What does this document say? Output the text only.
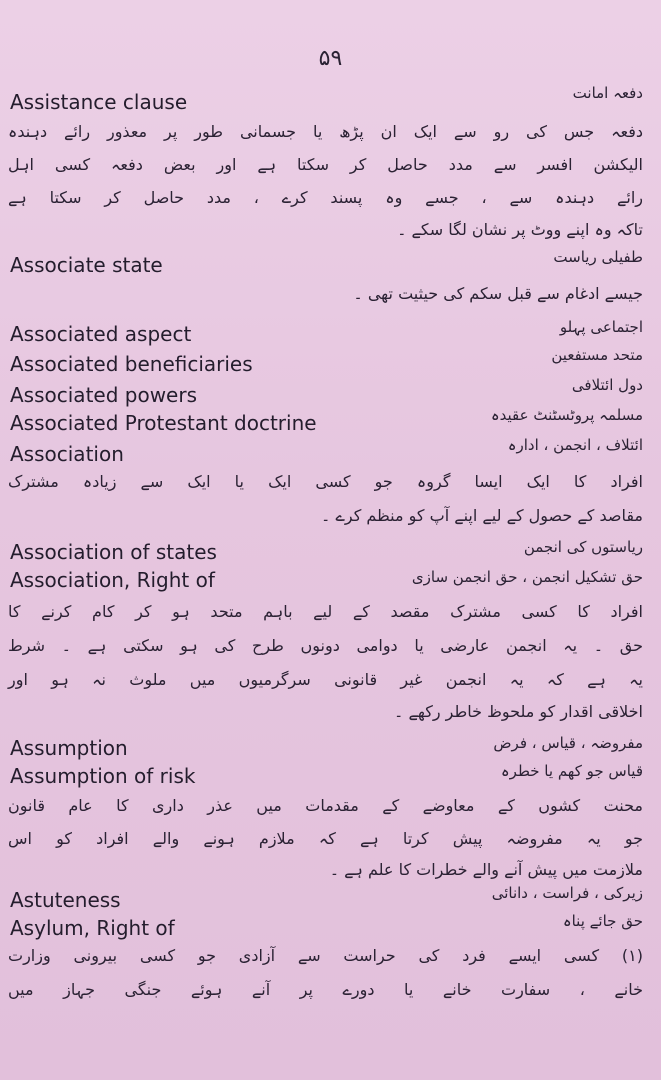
۵۹
Assistance clause	دفعہ امانت
دفعہ جس کی رو سے ایک ان پڑھ یا جسمانی طور پر معذور رائے دہندہ
الیکشن افسر سے مدد حاصل کر سکتا ہے اور بعض دفعہ کسی اہل
رائے دہندہ سے ، جسے وہ پسند کرے ، مدد حاصل کر سکتا ہے
تاکہ وہ اپنے ووٹ پر نشان لگا سکے ۔
Associate state	طفیلی ریاست
جیسے ادغام سے قبل سکم کی حیثیت تھی ۔
Associated aspect	اجتماعی پہلو
Associated beneficiaries	متحد مستفعین
Associated powers	دول ائتلافی
Associated Protestant doctrine	مسلمہ پروٹسٹنٹ عقیدہ
Association	ائتلاف ، انجمن ، ادارہ
افراد کا ایک ایسا گروہ جو کسی ایک یا ایک سے زیادہ مشترک
مقاصد کے حصول کے لیے اپنے آپ کو منظم کرے ۔
Association of states	ریاستوں کی انجمن
Association, Right of	حق تشکیل انجمن ، حق انجمن سازی
افراد کا کسی مشترک مقصد کے لیے باہم متحد ہو کر کام کرنے کا
حق ۔ یہ انجمن عارضی یا دوامی دونوں طرح کی ہو سکتی ہے ۔ شرط
یہ ہے کہ یہ انجمن غیر قانونی سرگرمیوں میں ملوث نہ ہو اور
اخلاقی اقدار کو ملحوظ خاطر رکھے ۔
Assumption	مفروضہ ، قیاس ، فرض
Assumption of risk	قیاس جو کھم یا خطرہ
محنت کشوں کے معاوضے کے مقدمات میں عذر داری کا عام قانون
جو یہ مفروضہ پیش کرتا ہے کہ ملازم ہونے والے افراد کو اس
ملازمت میں پیش آنے والے خطرات کا علم ہے ۔
Astuteness	زیرکی ، فراست ، دانائی
Asylum, Right of	حق جائے پناہ
(۱) کسی ایسے فرد کی حراست سے آزادی جو کسی بیرونی وزارت
خانے ، سفارت خانے یا دورے پر آنے ہوئے جنگی جہاز میں
